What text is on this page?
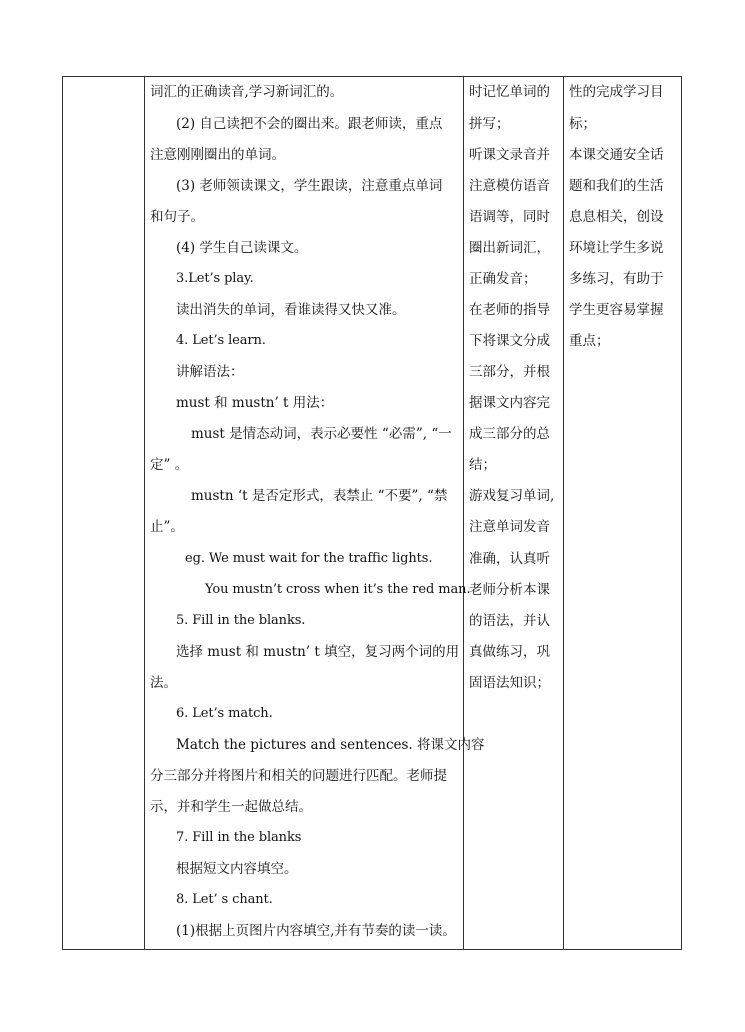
词汇的正确读音,学习新词汇的。
(2) 自己读把不会的圈出来。跟老师读，重点
注意刚刚圈出的单词。
(3) 老师领读课文，学生跟读，注意重点单词
和句子。
(4) 学生自己读课文。
3.Let’s play.
读出消失的单词，看谁读得又快又准。
4. Let’s learn.
讲解语法：
must 和 mustn’ t 用法：
must 是情态动词，表示必要性 “必需”, “一
定” 。
mustn ‘t 是否定形式，表禁止 “不要”, “禁
止”。
eg. We must wait for the traffic lights.
You mustn’t cross when it’s the red man.
5. Fill in the blanks.
选择 must 和 mustn’ t 填空，复习两个词的用
法。
6. Let’s match.
Match the pictures and sentences. 将课文内容
分三部分并将图片和相关的问题进行匹配。老师提
示，并和学生一起做总结。
7. Fill in the blanks
根据短文内容填空。
8. Let’ s chant.
(1)根据上页图片内容填空,并有节奏的读一读。
时记忆单词的
拼写；
听课文录音并
注意模仿语音
语调等，同时
圈出新词汇，
正确发音；
在老师的指导
下将课文分成
三部分，并根
据课文内容完
成三部分的总
结；
游戏复习单词,
注意单词发音
准确，认真听
老师分析本课
的语法，并认
真做练习，巩
固语法知识；
性的完成学习目
标；
本课交通安全话
题和我们的生活
息息相关，创设
环境让学生多说
多练习，有助于
学生更容易掌握
重点；
